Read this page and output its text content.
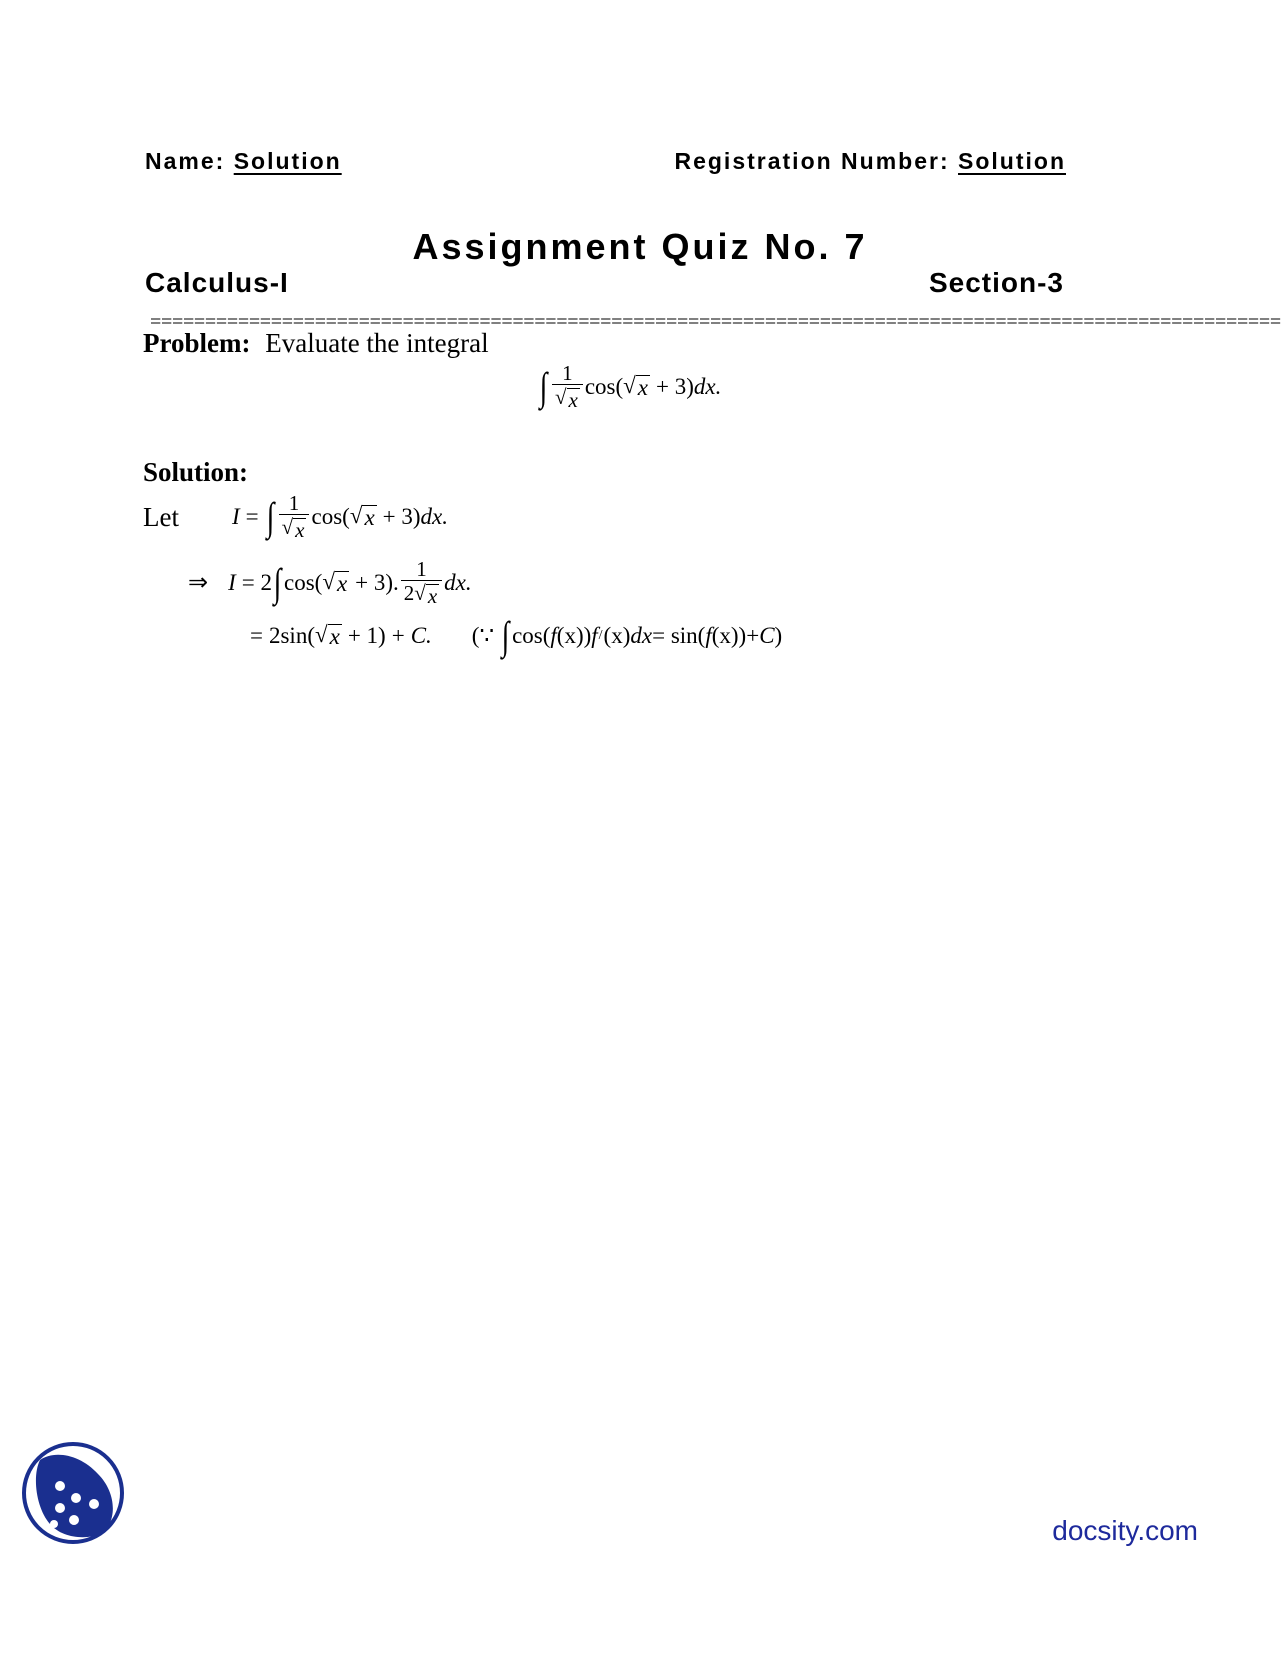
Name: Solution	Registration Number: Solution
Assignment Quiz No. 7
Calculus-I	Section-3
=======================================================================================================
Problem: Evaluate the integral
∫ $\frac{1}{√ x} \cos$( √ x + 3) dx.
Solution:
Let I = ∫ $\frac{1}{√ x} \cos$( √ x + 3) dx.
⇒ I = 2 ∫ cos( √ x + 3). $\frac{1}{2 √ x}$ dx.
= 2sin( √ x + 1) + C. (∵ ∫ cos( f (x)) f / (x) dx = sin( f (x)) + C )
docsity.com
